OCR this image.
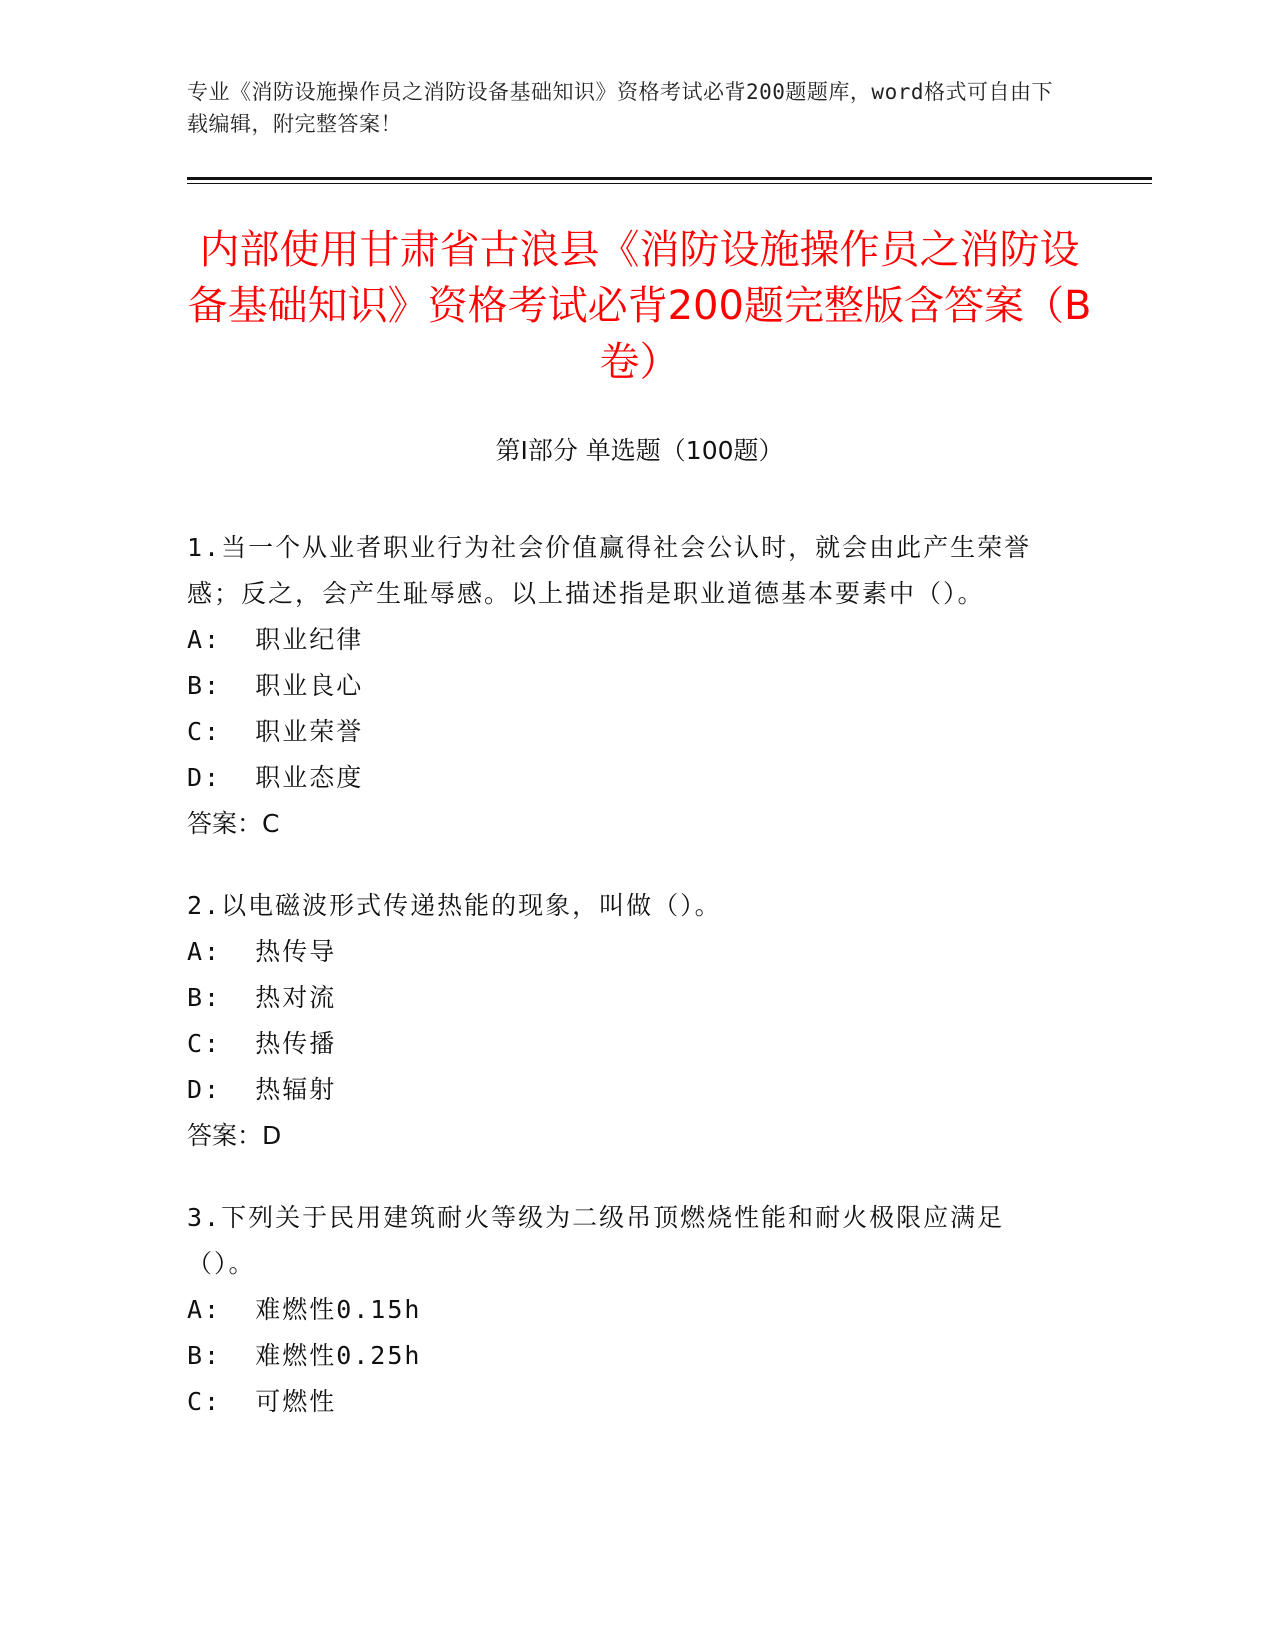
专业《消防设施操作员之消防设备基础知识》资格考试必背200题题库，word格式可自由下载编辑，附完整答案！
内部使用甘肃省古浪县《消防设施操作员之消防设备基础知识》资格考试必背200题完整版含答案（B卷）
第Ⅰ部分 单选题（100题）

1.当一个从业者职业行为社会价值赢得社会公认时，就会由此产生荣誉感；反之，会产生耻辱感。以上描述指是职业道德基本要素中（）。

A:  职业纪律

B:  职业良心

C:  职业荣誉

D:  职业态度

答案：C

2.以电磁波形式传递热能的现象，叫做（）。

A:  热传导

B:  热对流

C:  热传播

D:  热辐射

答案：D

3.下列关于民用建筑耐火等级为二级吊顶燃烧性能和耐火极限应满足（）。

A:  难燃性0.15h

B:  难燃性0.25h

C:  可燃性
